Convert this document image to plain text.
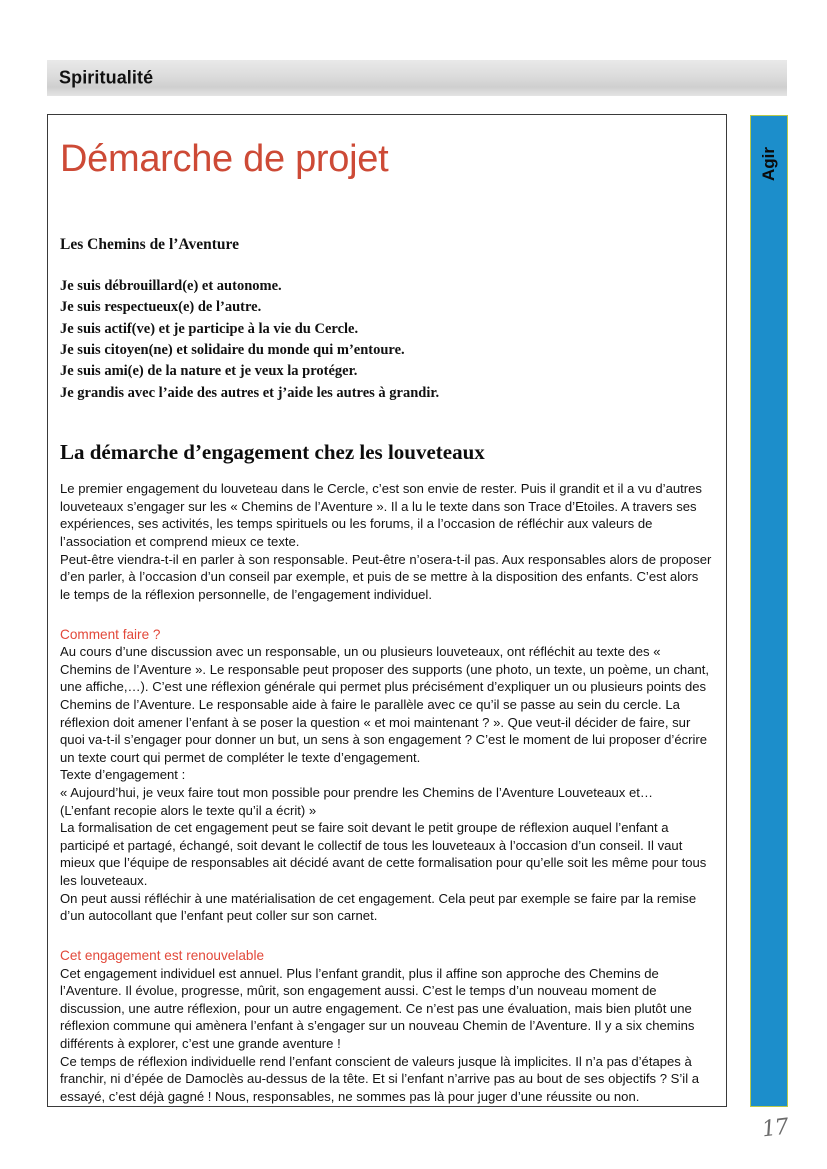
Spiritualité
Démarche de projet
Les Chemins de l’Aventure
Je suis débrouillard(e) et autonome.
Je suis respectueux(e) de l’autre.
Je suis actif(ve) et je participe à la vie du Cercle.
Je suis citoyen(ne) et solidaire du monde qui m’entoure.
Je suis ami(e) de la nature et je veux la protéger.
Je grandis avec l’aide des autres et j’aide les autres à grandir.
La démarche d’engagement chez les louveteaux

Le premier engagement du louveteau dans le Cercle, c’est son envie de rester. Puis il grandit et il a vu d’autres louveteaux s’engager sur les « Chemins de l’Aventure ». Il a lu le texte dans son Trace d’Etoiles. A travers ses expériences, ses activités, les temps spirituels ou les forums, il a l’occasion de réfléchir aux valeurs de l’association et comprend mieux ce texte.

Peut-être viendra-t-il en parler à son responsable. Peut-être n’osera-t-il pas. Aux responsables alors de proposer d’en parler, à l’occasion d’un conseil par exemple, et puis de se mettre à la disposition des enfants. C’est alors le temps de la réflexion personnelle, de l’engagement individuel.

Comment faire ?

Au cours d’une discussion avec un responsable, un ou plusieurs louveteaux, ont réfléchit au texte des « Chemins de l’Aventure ». Le responsable peut proposer des supports (une photo, un texte, un poème, un chant, une affiche,…). C’est une réflexion générale qui permet plus précisément d’expliquer un ou plusieurs points des Chemins de l’Aventure. Le responsable aide à faire le parallèle avec ce qu’il se passe au sein du cercle. La réflexion doit amener l’enfant à se poser la question « et moi maintenant ? ». Que veut-il décider de faire, sur quoi va-t-il s’engager pour donner un but, un sens à son engagement ? C’est le moment de lui proposer d’écrire un texte court qui permet de compléter le texte d’engagement.

Texte d’engagement :

« Aujourd’hui, je veux faire tout mon possible pour prendre les Chemins de l’Aventure Louveteaux et…

(L’enfant recopie alors le texte qu’il a écrit) »

La formalisation de cet engagement peut se faire soit devant le petit groupe de réflexion auquel l’enfant a participé et partagé, échangé, soit devant le collectif de tous les louveteaux à l’occasion d’un conseil. Il vaut mieux que l’équipe de responsables ait décidé avant de cette formalisation pour qu’elle soit les même pour tous les louveteaux.

On peut aussi réfléchir à une matérialisation de cet engagement. Cela peut par exemple se faire par la remise d’un autocollant que l’enfant peut coller sur son carnet.

Cet engagement est renouvelable

Cet engagement individuel est annuel. Plus l’enfant grandit, plus il affine son approche des Chemins de l’Aventure. Il évolue, progresse, mûrit, son engagement aussi. C’est le temps d’un nouveau moment de discussion, une autre réflexion, pour un autre engagement. Ce n’est pas une évaluation, mais bien plutôt une réflexion commune qui amènera l’enfant à s’engager sur un nouveau Chemin de l’Aventure. Il y a six chemins différents à explorer, c’est une grande aventure !

Ce temps de réflexion individuelle rend l’enfant conscient de valeurs jusque là implicites. Il n’a pas d’étapes à franchir, ni d’épée de Damoclès au-dessus de la tête. Et si l’enfant n’arrive pas au bout de ses objectifs ? S’il a essayé, c’est déjà gagné ! Nous, responsables, ne sommes pas là pour juger d’une réussite ou non.

Agir
17
